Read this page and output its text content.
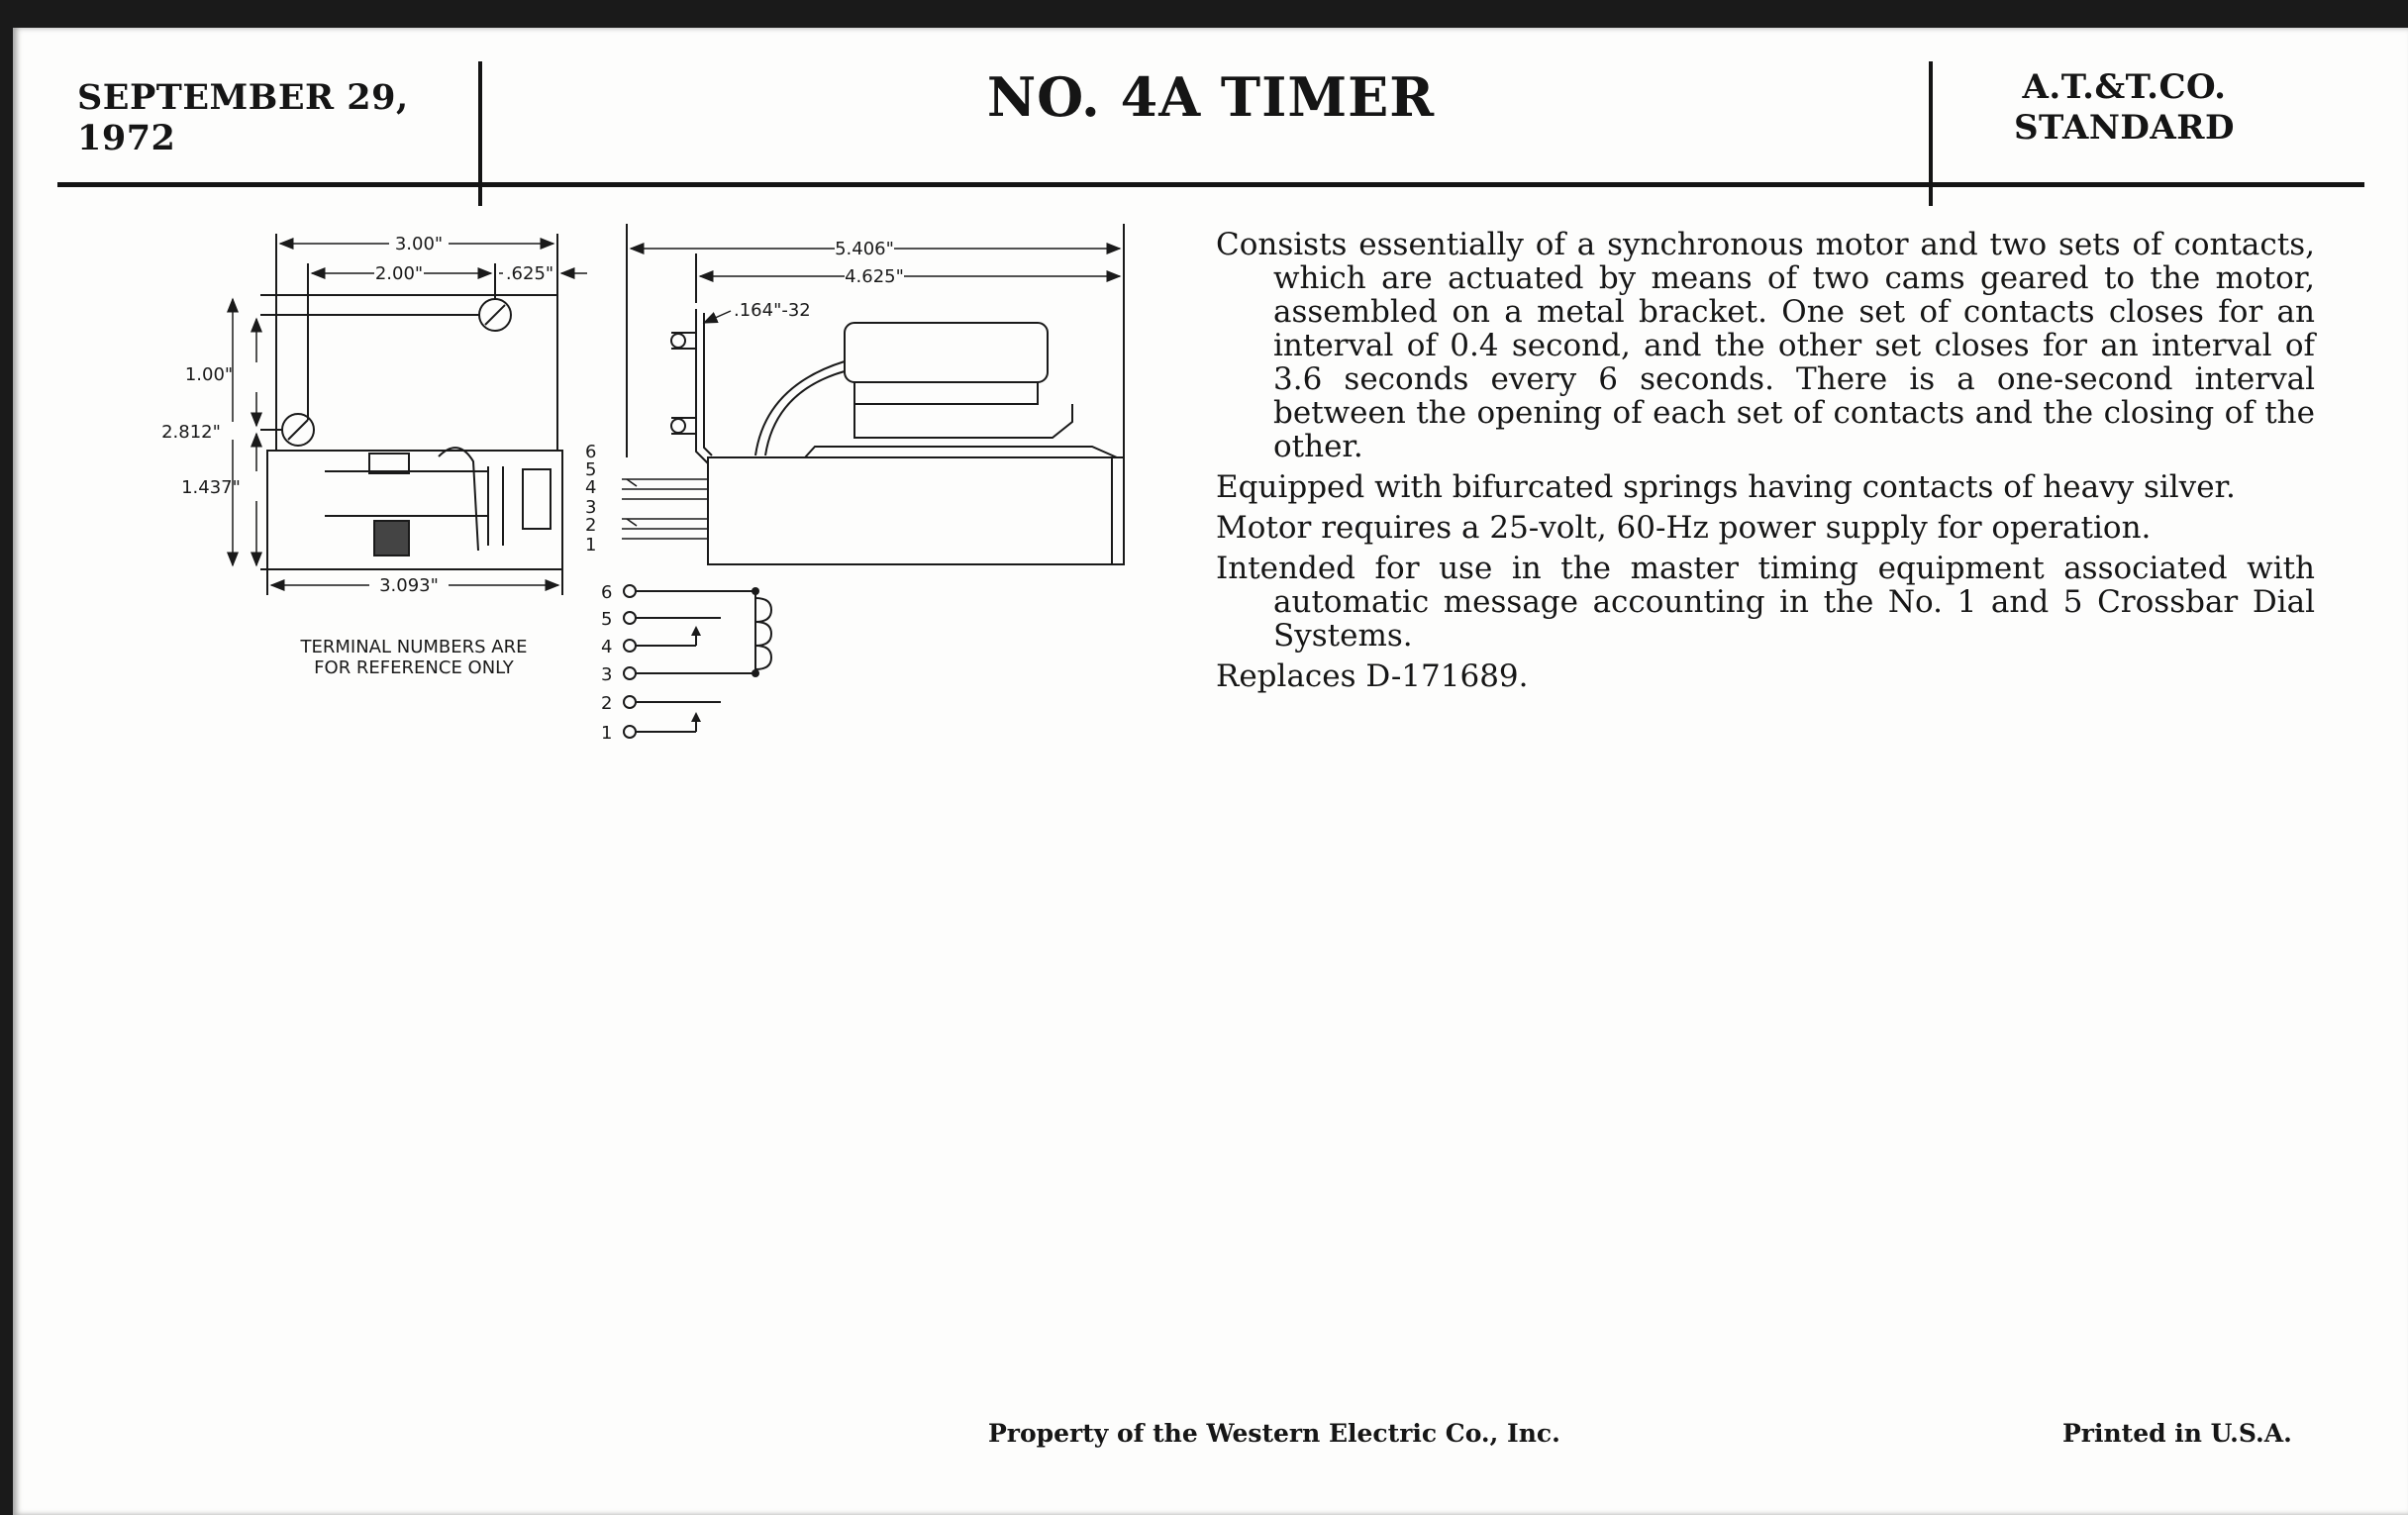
SEPTEMBER 29, 1972
NO. 4A TIMER	A.T.&T.CO.
STANDARD
3.00"
2.00"	.625"
1.00"
2.812"
1.437"
3.093"
TERMINAL NUMBERS ARE
FOR REFERENCE ONLY
5.406"
4.625"
.164"-32
6
5
4
3
2
1
6
5
4
3
2
1

Consists essentially of a synchronous motor and two sets of contacts, which are actuated by means of two cams geared to the motor, assembled on a metal bracket. One set of contacts closes for an interval of 0.4 second, and the other set closes for an interval of 3.6 seconds every 6 seconds. There is a one-second interval between the opening of each set of contacts and the closing of the other.

Equipped with bifurcated springs having contacts of heavy silver.

Motor requires a 25-volt, 60-Hz power supply for operation.

Intended for use in the master timing equipment associated with automatic message accounting in the No. 1 and 5 Crossbar Dial Systems.

Replaces D-171689.

Property of the Western Electric Co., Inc.	Printed in U.S.A.
